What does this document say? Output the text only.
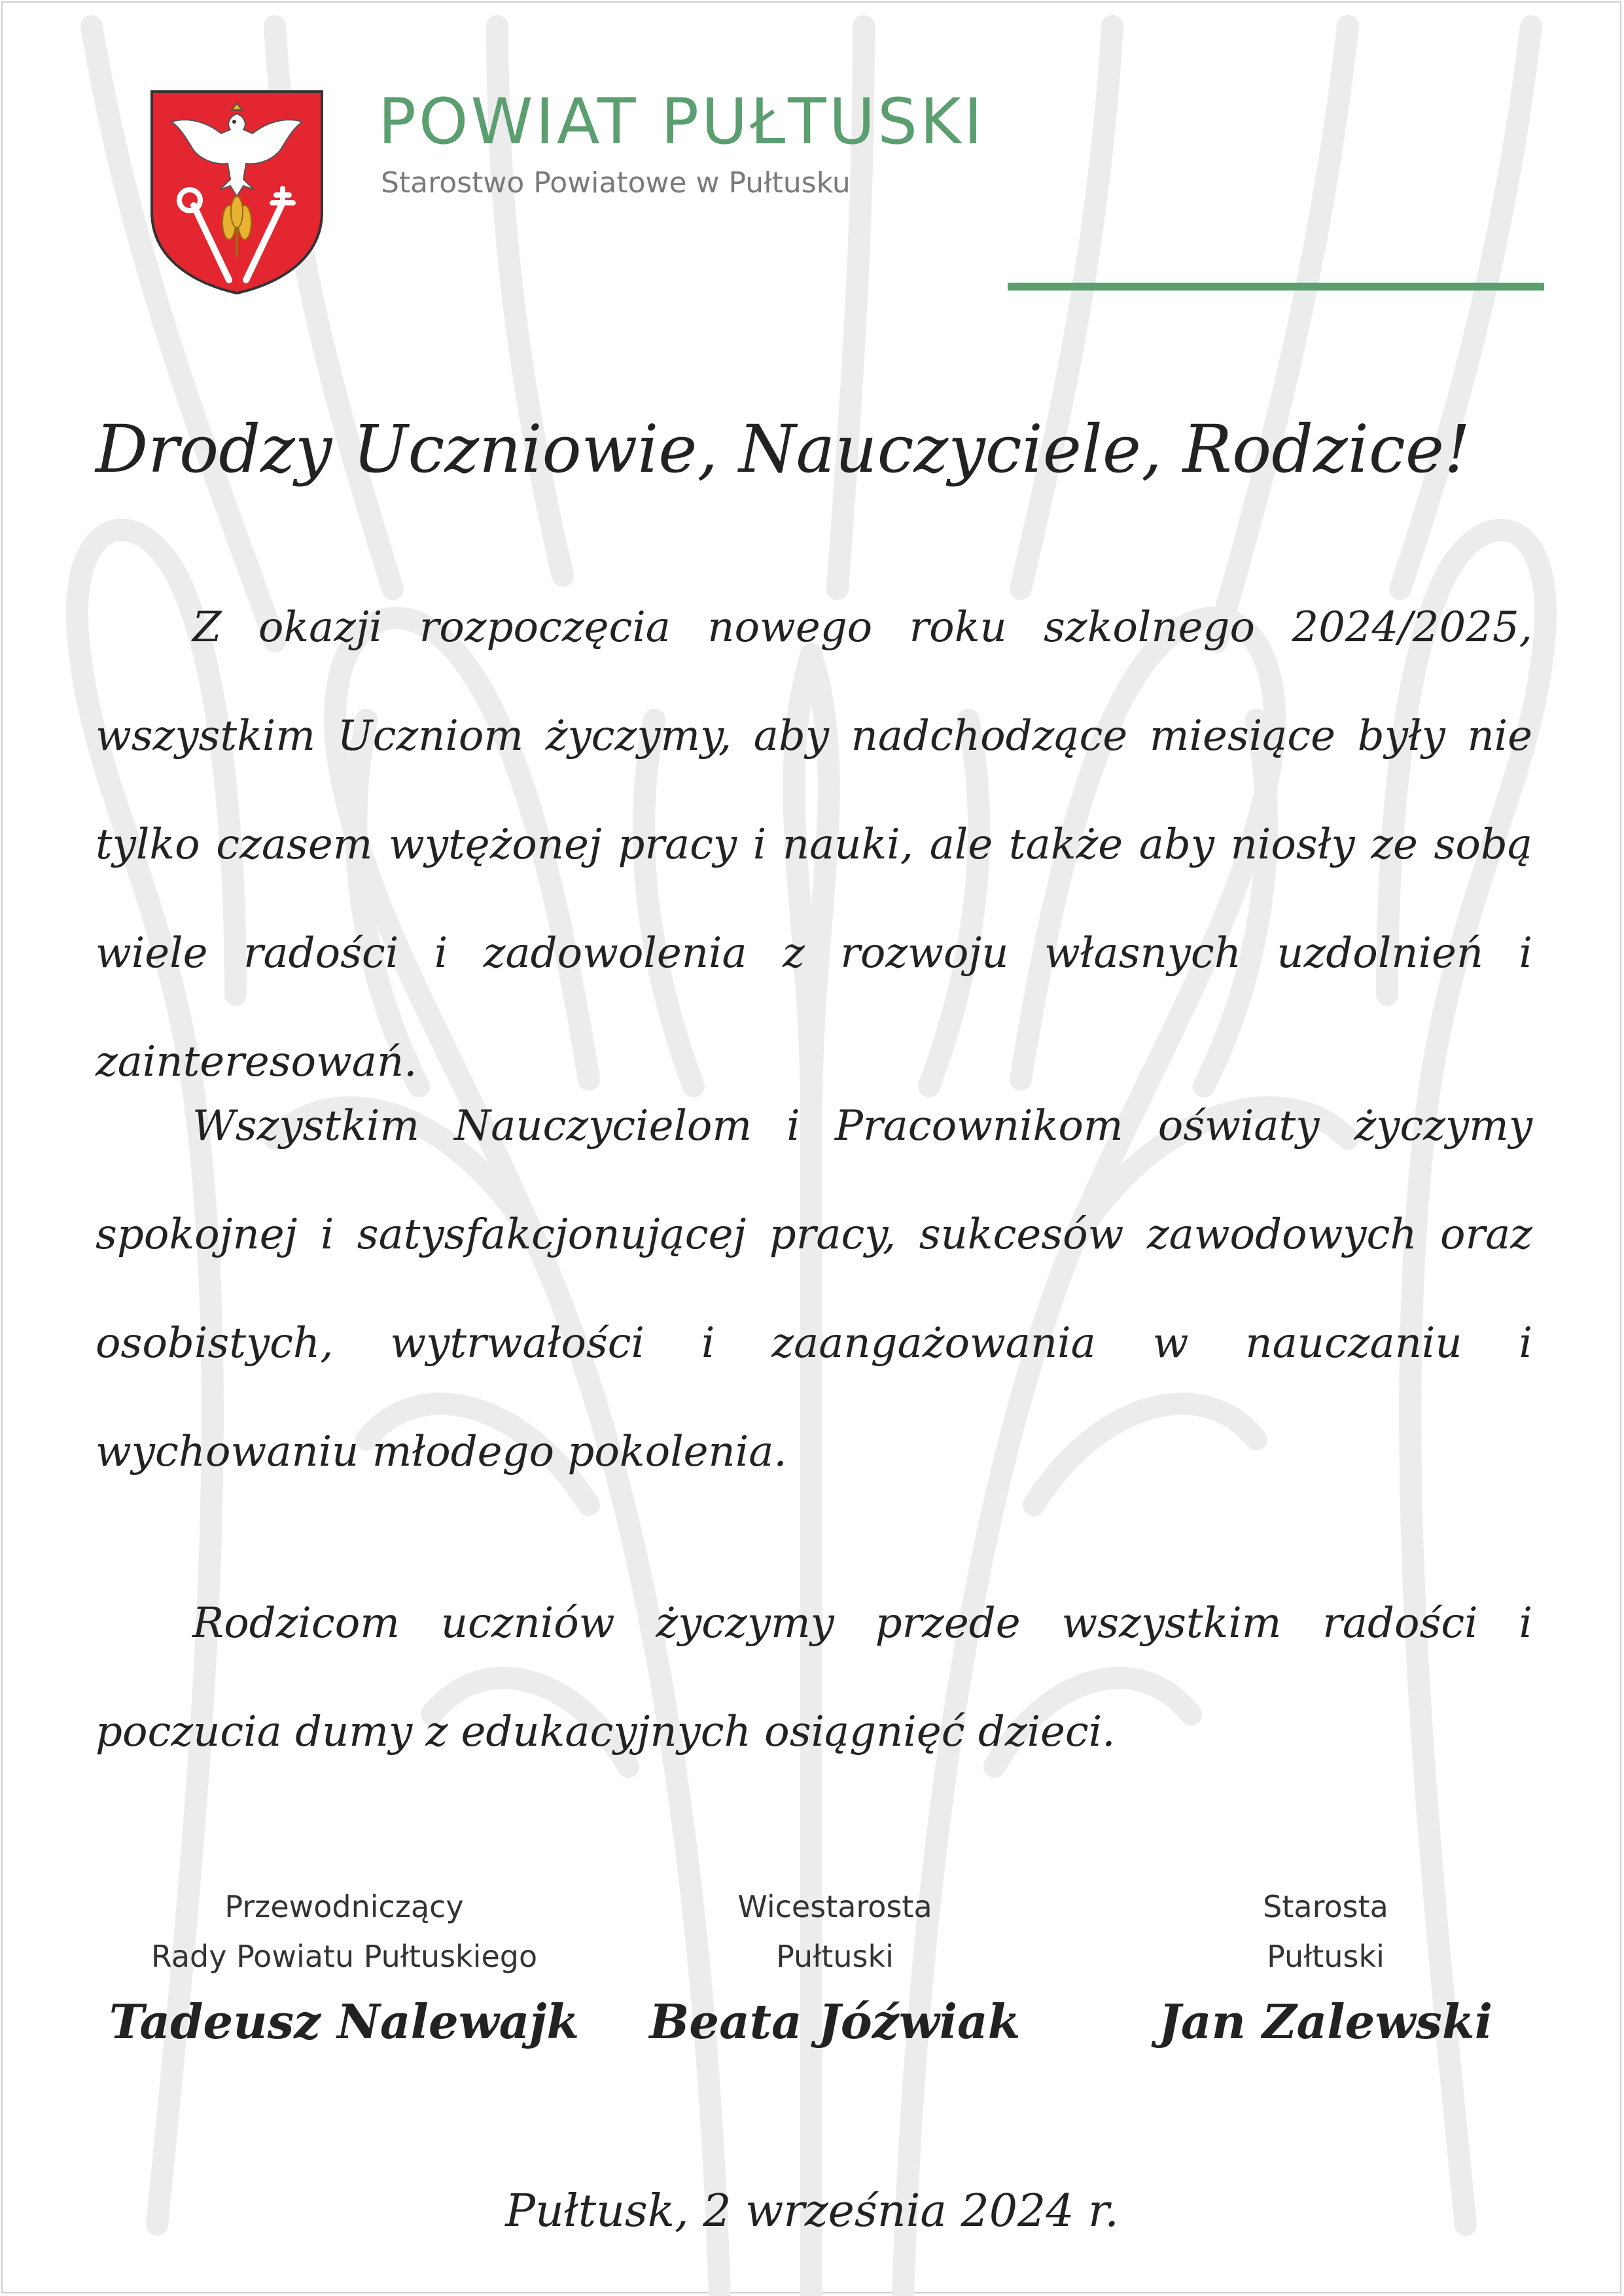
POWIAT PUŁTUSKI
Starostwo Powiatowe w Pułtusku
Drodzy Uczniowie, Nauczyciele, Rodzice!
Z okazji rozpoczęcia nowego roku szkolnego 2024/2025, wszystkim Uczniom życzymy, aby nadchodzące miesiące były nie tylko czasem wytężonej pracy i nauki, ale także aby niosły ze sobą wiele radości i zadowolenia z rozwoju własnych uzdolnień i zainteresowań.
Wszystkim Nauczycielom i Pracownikom oświaty życzymy spokojnej i satysfakcjonującej pracy, sukcesów zawodowych oraz osobistych, wytrwałości i zaangażowania w nauczaniu i wychowaniu młodego pokolenia.
Rodzicom uczniów życzymy przede wszystkim radości i poczucia dumy z edukacyjnych osiągnięć dzieci.
Przewodniczący
Rady Powiatu Pułtuskiego
Tadeusz Nalewajk
Wicestarosta
Pułtuski
Beata Jóźwiak
Starosta
Pułtuski
Jan Zalewski
Pułtusk, 2 września 2024 r.
